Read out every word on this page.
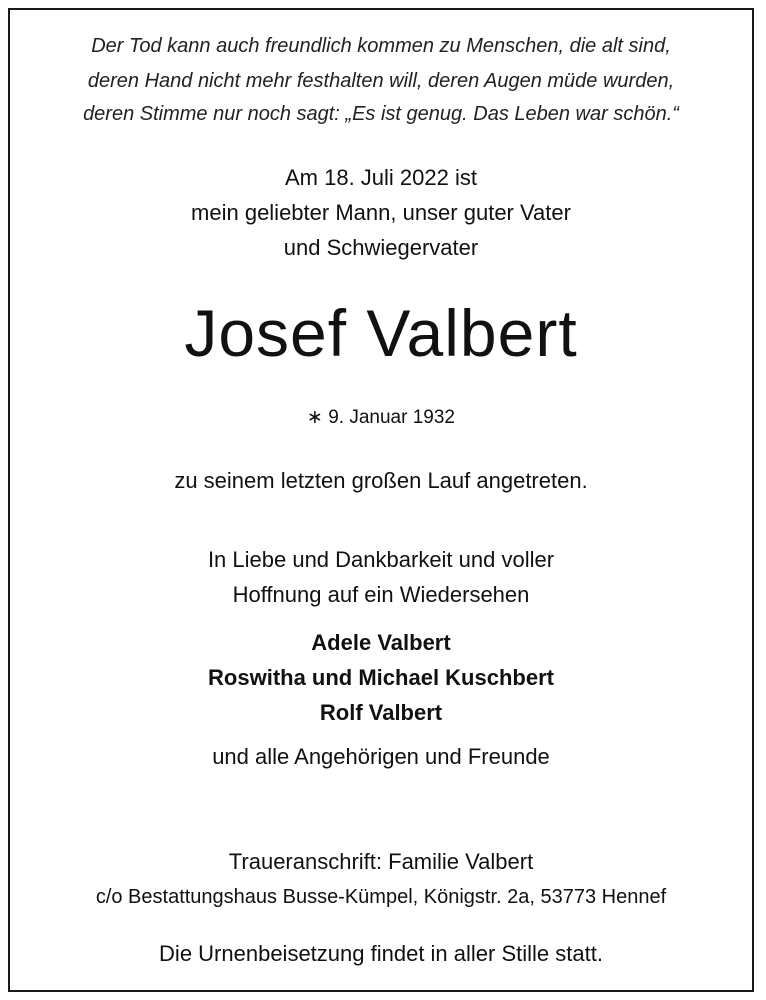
Der Tod kann auch freundlich kommen zu Menschen, die alt sind,
deren Hand nicht mehr festhalten will, deren Augen müde wurden,
deren Stimme nur noch sagt: „Es ist genug. Das Leben war schön.“
Am 18. Juli 2022 ist
mein geliebter Mann, unser guter Vater
und Schwiegervater
Josef Valbert
∗ 9. Januar 1932
zu seinem letzten großen Lauf angetreten.
In Liebe und Dankbarkeit und voller
Hoffnung auf ein Wiedersehen
Adele Valbert
Roswitha und Michael Kuschbert
Rolf Valbert
und alle Angehörigen und Freunde
Traueranschrift: Familie Valbert
c/o Bestattungshaus Busse-Kümpel, Königstr. 2a, 53773 Hennef
Die Urnenbeisetzung findet in aller Stille statt.
